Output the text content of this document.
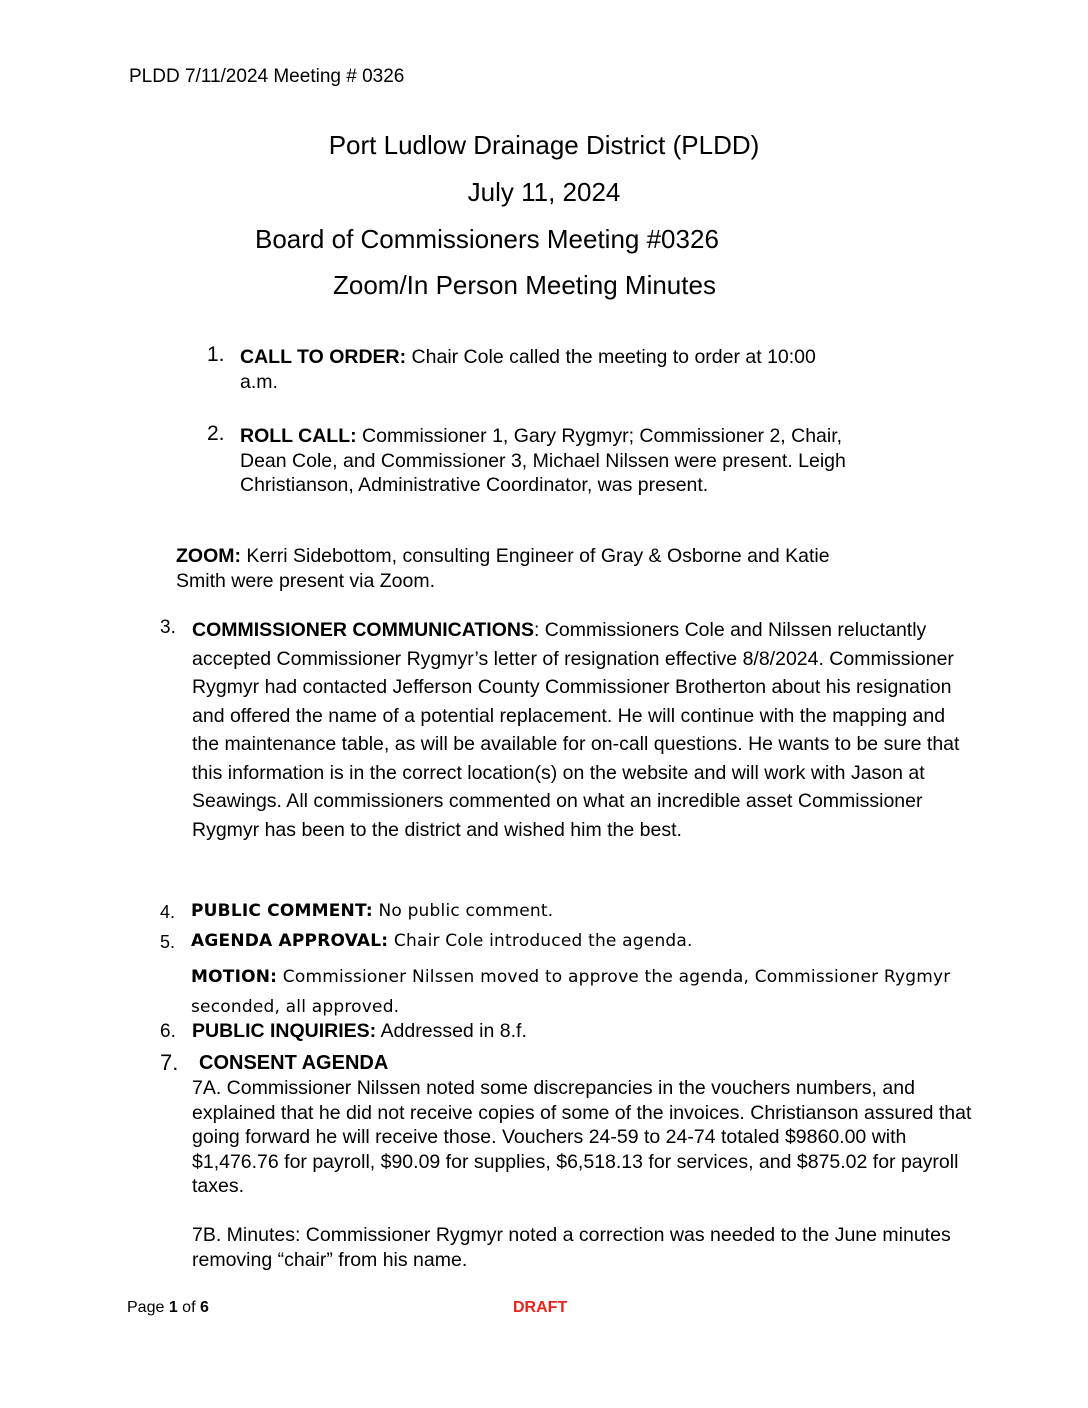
PLDD 7/11/2024 Meeting # 0326
Port Ludlow Drainage District (PLDD)
July 11, 2024
Board of Commissioners Meeting #0326
Zoom/In Person Meeting Minutes
1. CALL TO ORDER: Chair Cole called the meeting to order at 10:00 a.m.
2. ROLL CALL: Commissioner 1, Gary Rygmyr; Commissioner 2, Chair, Dean Cole, and Commissioner 3, Michael Nilssen were present. Leigh Christianson, Administrative Coordinator, was present.
ZOOM: Kerri Sidebottom, consulting Engineer of Gray & Osborne and Katie Smith were present via Zoom.
3. COMMISSIONER COMMUNICATIONS: Commissioners Cole and Nilssen reluctantly accepted Commissioner Rygmyr’s letter of resignation effective 8/8/2024. Commissioner Rygmyr had contacted Jefferson County Commissioner Brotherton about his resignation and offered the name of a potential replacement. He will continue with the mapping and the maintenance table, as will be available for on-call questions. He wants to be sure that this information is in the correct location(s) on the website and will work with Jason at Seawings. All commissioners commented on what an incredible asset Commissioner Rygmyr has been to the district and wished him the best.
4. PUBLIC COMMENT: No public comment.
5. AGENDA APPROVAL: Chair Cole introduced the agenda.
MOTION: Commissioner Nilssen moved to approve the agenda, Commissioner Rygmyr seconded, all approved.
6. PUBLIC INQUIRIES: Addressed in 8.f.
7. CONSENT AGENDA
7A. Commissioner Nilssen noted some discrepancies in the vouchers numbers, and explained that he did not receive copies of some of the invoices. Christianson assured that going forward he will receive those. Vouchers 24-59 to 24-74 totaled $9860.00 with $1,476.76 for payroll, $90.09 for supplies, $6,518.13 for services, and $875.02 for payroll taxes.
7B. Minutes: Commissioner Rygmyr noted a correction was needed to the June minutes removing “chair” from his name.
Page 1 of 6	DRAFT
